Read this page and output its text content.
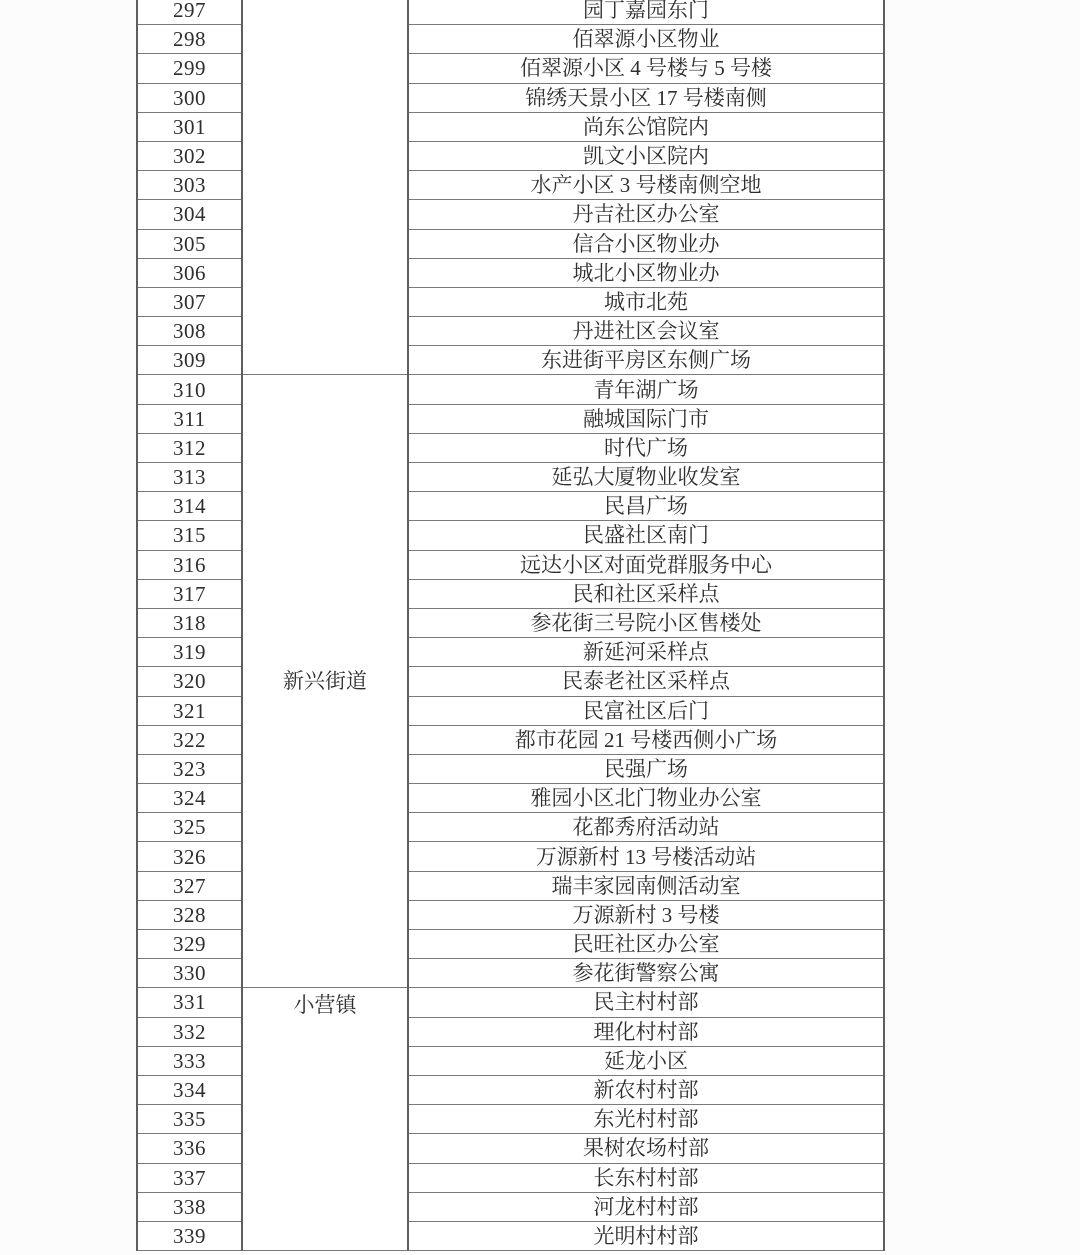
297		园丁嘉园东门
298		佰翠源小区物业
299		佰翠源小区 4 号楼与 5 号楼
300		锦绣天景小区 17 号楼南侧
301		尚东公馆院内
302		凯文小区院内
303		水产小区 3 号楼南侧空地
304		丹吉社区办公室
305		信合小区物业办
306		城北小区物业办
307		城市北苑
308		丹进社区会议室
309		东进街平房区东侧广场
310	新兴街道	青年湖广场
311		融城国际门市
312		时代广场
313		延弘大厦物业收发室
314		民昌广场
315		民盛社区南门
316		远达小区对面党群服务中心
317		民和社区采样点
318		参花街三号院小区售楼处
319		新延河采样点
320		民泰老社区采样点
321		民富社区后门
322		都市花园 21 号楼西侧小广场
323		民强广场
324		雅园小区北门物业办公室
325		花都秀府活动站
326		万源新村 13 号楼活动站
327		瑞丰家园南侧活动室
328		万源新村 3 号楼
329		民旺社区办公室
330		参花街警察公寓
331	小营镇	民主村村部
332		理化村村部
333		延龙小区
334		新农村村部
335		东光村村部
336		果树农场村部
337		长东村村部
338		河龙村村部
339		光明村村部
